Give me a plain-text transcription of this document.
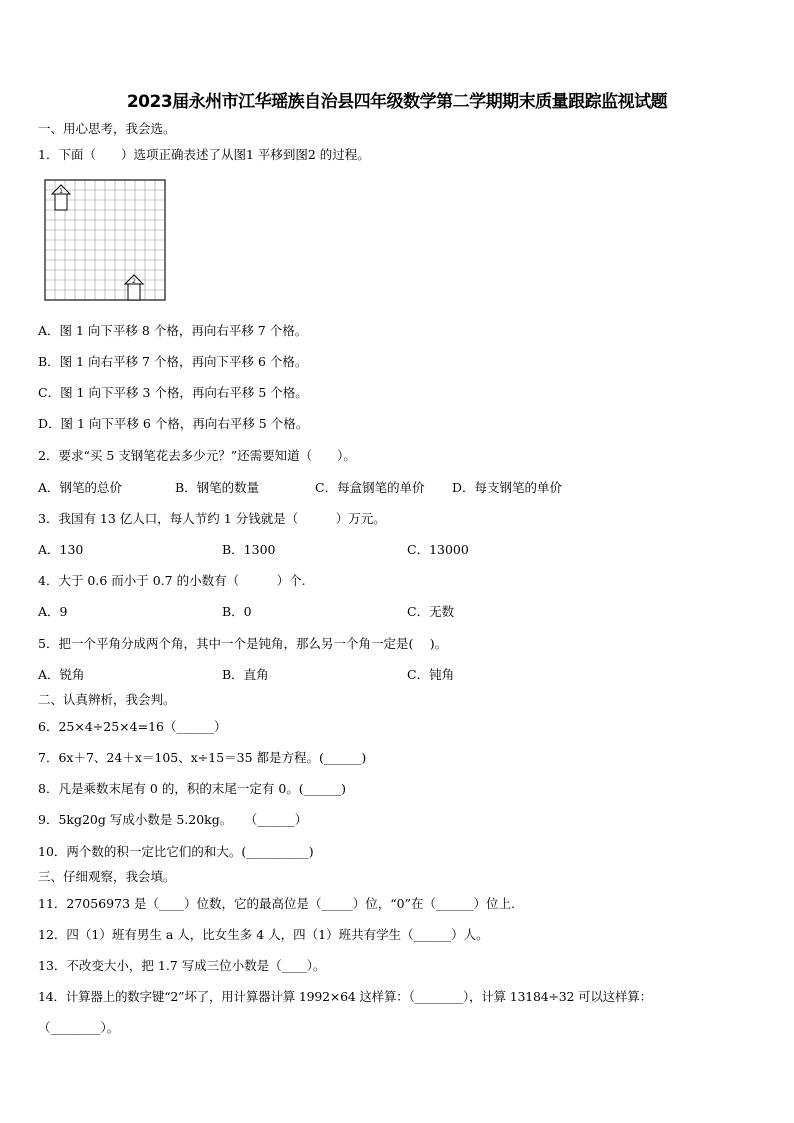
2023届永州市江华瑶族自治县四年级数学第二学期期末质量跟踪监视试题
一、用心思考，我会选。
1．下面（　　）选项正确表述了从图1 平移到图2 的过程。
1
2
A．图 1 向下平移 8 个格，再向右平移 7 个格。
B．图 1 向右平移 7 个格，再向下平移 6 个格。
C．图 1 向下平移 3 个格，再向右平移 5 个格。
D．图 1 向下平移 6 个格，再向右平移 5 个格。
2．要求“买 5 支钢笔花去多少元？”还需要知道（　　）。
A．钢笔的总价	B．钢笔的数量	C．每盒钢笔的单价 D．每支钢笔的单价
3．我国有 13 亿人口，每人节约 1 分钱就是（　　　）万元。
A．130	B．1300	C．13000
4．大于 0.6 而小于 0.7 的小数有（　　　）个.
A．9	B．0	C．无数
5．把一个平角分成两个角，其中一个是钝角，那么另一个角一定是(　 )。
A．锐角	B．直角	C．钝角
二、认真辨析，我会判。
6．25×4÷25×4=16（______）
7．6x＋7、24＋x＝105、x÷15＝35 都是方程。(______)
8．凡是乘数末尾有 0 的，积的末尾一定有 0。(______)
9．5kg20g 写成小数是 5.20kg。　　（______）
10．两个数的积一定比它们的和大。(__________)
三、仔细观察，我会填。
11．27056973 是（____）位数，它的最高位是（_____）位，“0”在（______）位上.
12．四（1）班有男生 a 人，比女生多 4 人，四（1）班共有学生（______）人。
13．不改变大小，把 1.7 写成三位小数是（____）。
14．计算器上的数字键“2”坏了，用计算器计算 1992×64 这样算：（________），计算 13184÷32 可以这样算：
（________）。
